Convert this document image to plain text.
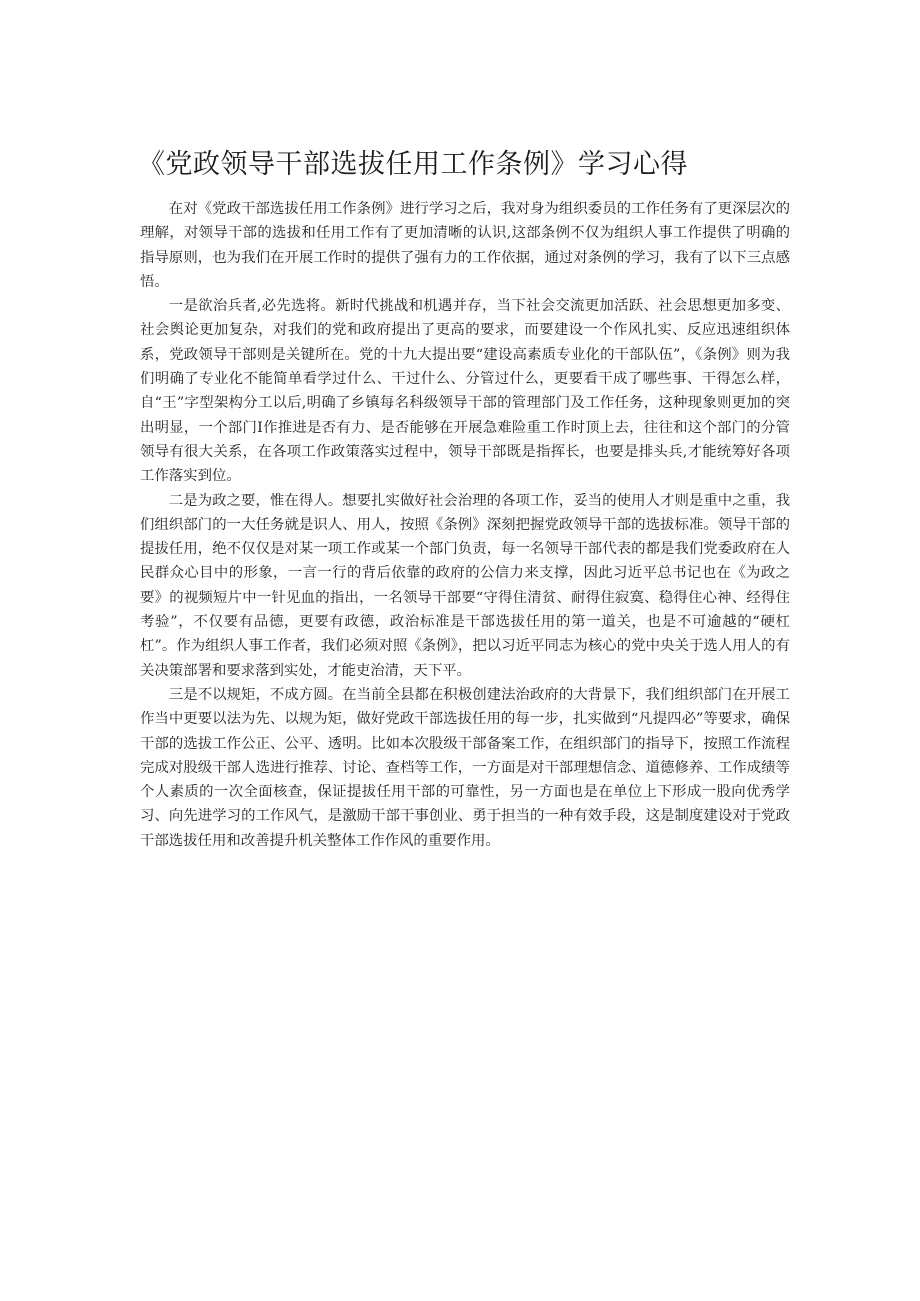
《党政领导干部选拔任用工作条例》学习心得

在对《党政干部选拔任用工作条例》进行学习之后，我对身为组织委员的工作任务有了更深层次的理解，对领导干部的选拔和任用工作有了更加清晰的认识,这部条例不仅为组织人事工作提供了明确的指导原则，也为我们在开展工作时的提供了强有力的工作依据，通过对条例的学习，我有了以下三点感悟。

一是欲治兵者,必先选将。新时代挑战和机遇并存，当下社会交流更加活跃、社会思想更加多变、社会舆论更加复杂，对我们的党和政府提出了更高的要求，而要建设一个作风扎实、反应迅速组织体系，党政领导干部则是关键所在。党的十九大提出要“建设高素质专业化的干部队伍”，《条例》则为我们明确了专业化不能简单看学过什么、干过什么、分管过什么，更要看干成了哪些事、干得怎么样，自“王”字型架构分工以后,明确了乡镇每名科级领导干部的管理部门及工作任务，这种现象则更加的突出明显，一个部门Ⅰ作推进是否有力、是否能够在开展急难险重工作时顶上去，往往和这个部门的分管领导有很大关系，在各项工作政策落实过程中，领导干部既是指挥长，也要是排头兵,才能统筹好各项工作落实到位。

二是为政之要，惟在得人。想要扎实做好社会治理的各项工作，妥当的使用人才则是重中之重，我们组织部门的一大任务就是识人、用人，按照《条例》深刻把握党政领导干部的选拔标准。领导干部的提拔任用，绝不仅仅是对某一项工作或某一个部门负责，每一名领导干部代表的都是我们党委政府在人民群众心目中的形象，一言一行的背后依靠的政府的公信力来支撑，因此习近平总书记也在《为政之要》的视频短片中一针见血的指出，一名领导干部要“守得住清贫、耐得住寂寞、稳得住心神、经得住考验”，不仅要有品德，更要有政德，政治标准是干部选拔任用的第一道关，也是不可逾越的“硬杠杠”。作为组织人事工作者，我们必须对照《条例》，把以习近平同志为核心的党中央关于选人用人的有关决策部署和要求落到实处，才能吏治清，天下平。

三是不以规矩，不成方圆。在当前全县都在积极创建法治政府的大背景下，我们组织部门在开展工作当中更要以法为先、以规为矩，做好党政干部选拔任用的每一步，扎实做到“凡提四必”等要求，确保干部的选拔工作公正、公平、透明。比如本次股级干部备案工作，在组织部门的指导下，按照工作流程完成对股级干部人选进行推荐、讨论、查档等工作，一方面是对干部理想信念、道德修养、工作成绩等个人素质的一次全面核查，保证提拔任用干部的可靠性，另一方面也是在单位上下形成一股向优秀学习、向先进学习的工作风气，是激励干部干事创业、勇于担当的一种有效手段，这是制度建设对于党政干部选拔任用和改善提升机关整体工作作风的重要作用。
